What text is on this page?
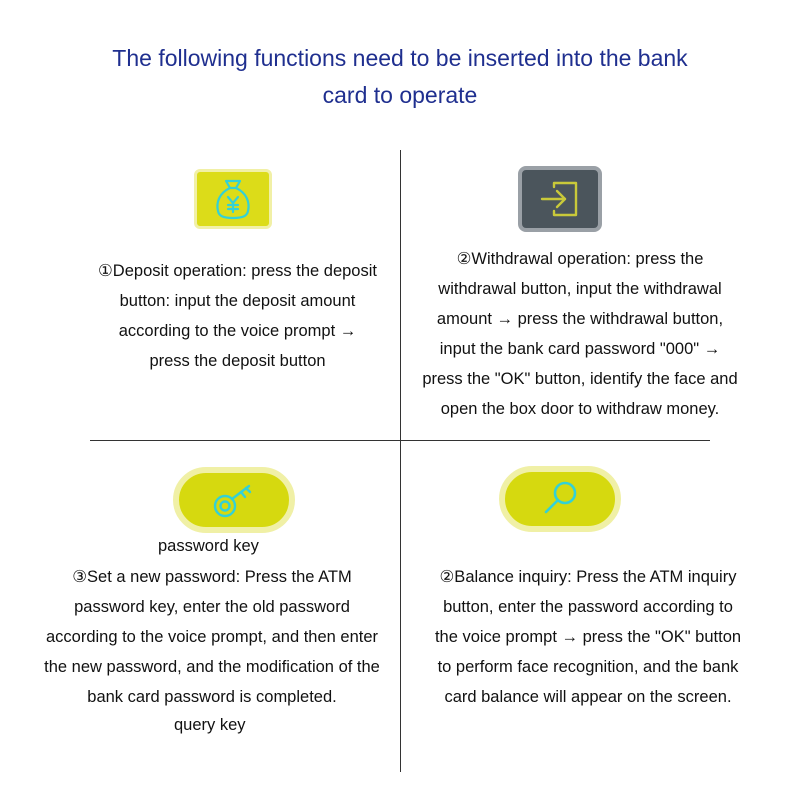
The following functions need to be inserted into the bank
card to operate
①Deposit operation: press the deposit
button: input the deposit amount
according to the voice prompt →
press the deposit button
②Withdrawal operation: press the
withdrawal button, input the withdrawal
amount → press the withdrawal button,
input the bank card password "000" →
press the "OK" button, identify the face and
open the box door to withdraw money.
password key
③Set a new password: Press the ATM
password key, enter the old password
according to the voice prompt, and then enter
the new password, and the modification of the
bank card password is completed.
query key
②Balance inquiry: Press the ATM inquiry
button, enter the password according to
the voice prompt → press the "OK" button
to perform face recognition, and the bank
card balance will appear on the screen.
